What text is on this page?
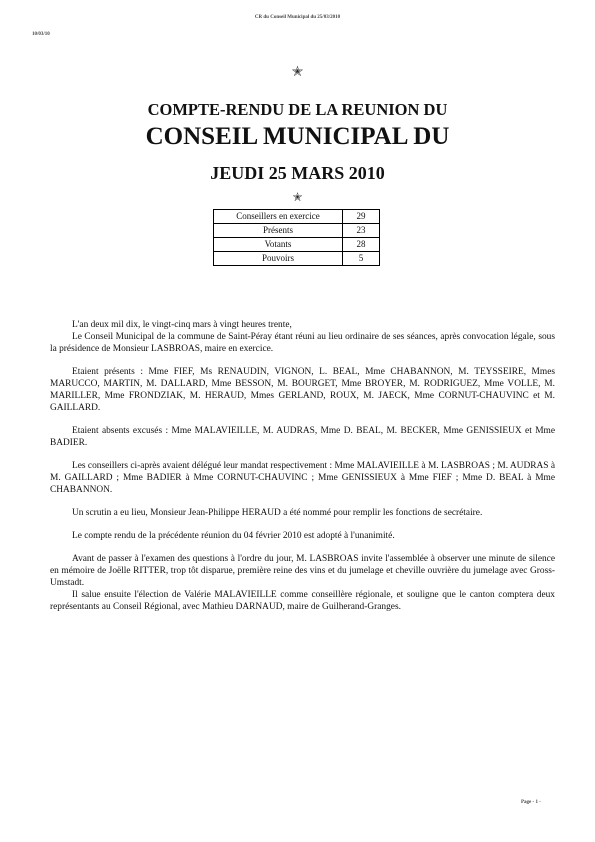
CR du Conseil Municipal du 25/03/2010
10/03/10
✭
COMPTE-RENDU DE LA REUNION DU
CONSEIL MUNICIPAL DU
JEUDI 25 MARS 2010
✭
Conseillers en exercice	29
Présents	23
Votants	28
Pouvoirs	5

L'an deux mil dix, le vingt-cinq mars à vingt heures trente,

Le Conseil Municipal de la commune de Saint-Péray étant réuni au lieu ordinaire de ses séances, après convocation légale, sous la présidence de Monsieur LASBROAS, maire en exercice.

Etaient présents : Mme FIEF, Ms RENAUDIN, VIGNON, L. BEAL, Mme CHABANNON, M. TEYSSEIRE, Mmes MARUCCO, MARTIN, M. DALLARD, Mme BESSON, M. BOURGET, Mme BROYER, M. RODRIGUEZ, Mme VOLLE, M. MARILLER, Mme FRONDZIAK, M. HERAUD, Mmes GERLAND, ROUX, M. JAECK, Mme CORNUT-CHAUVINC et M. GAILLARD.

Etaient absents excusés : Mme MALAVIEILLE, M. AUDRAS, Mme D. BEAL, M. BECKER, Mme GENISSIEUX et Mme BADIER.

Les conseillers ci-après avaient délégué leur mandat respectivement : Mme MALAVIEILLE à M. LASBROAS ; M. AUDRAS à M. GAILLARD ; Mme BADIER à Mme CORNUT-CHAUVINC ; Mme GENISSIEUX à Mme FIEF ; Mme D. BEAL à Mme CHABANNON.

Un scrutin a eu lieu, Monsieur Jean-Philippe HERAUD a été nommé pour remplir les fonctions de secrétaire.

Le compte rendu de la précédente réunion du 04 février 2010 est adopté à l'unanimité.

Avant de passer à l'examen des questions à l'ordre du jour, M. LASBROAS invite l'assemblée à observer une minute de silence en mémoire de Joëlle RITTER, trop tôt disparue, première reine des vins et du jumelage et cheville ouvrière du jumelage avec Gross-Umstadt.

Il salue ensuite l'élection de Valérie MALAVIEILLE comme conseillère régionale, et souligne que le canton comptera deux représentants au Conseil Régional, avec Mathieu DARNAUD, maire de Guilherand-Granges.

Page - 1 -
